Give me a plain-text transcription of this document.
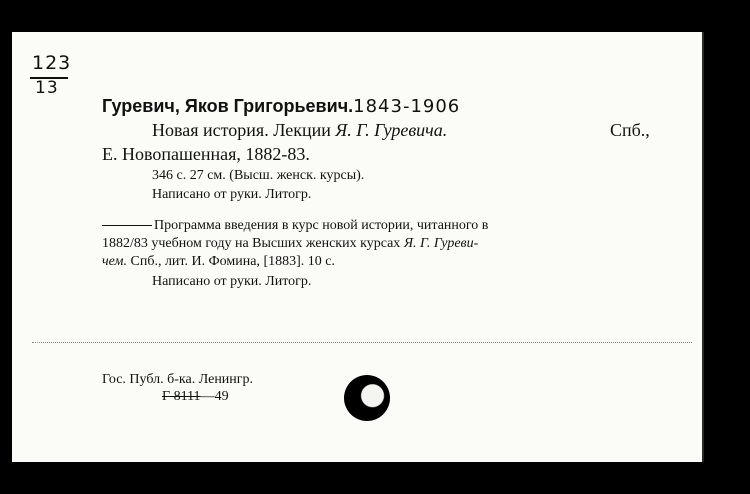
123
13
Гуревич, Яков Григорьевич.1843-1906
Новая история. Лекции Я. Г. Гуревича.	Спб.,
Е. Новопашенная, 1882-83.
346 с. 27 см. (Высш. женск. курсы).
Написано от руки. Литогр.
Программа введения в курс новой истории, читанного в
1882/83 учебном году на Высших женских курсах Я. Г. Гуреви-
чем. Спб., лит. И. Фомина, [1883]. 10 с.
Написано от руки. Литогр.
Гос. Публ. б-ка. Ленингр.
Г 8111—49
